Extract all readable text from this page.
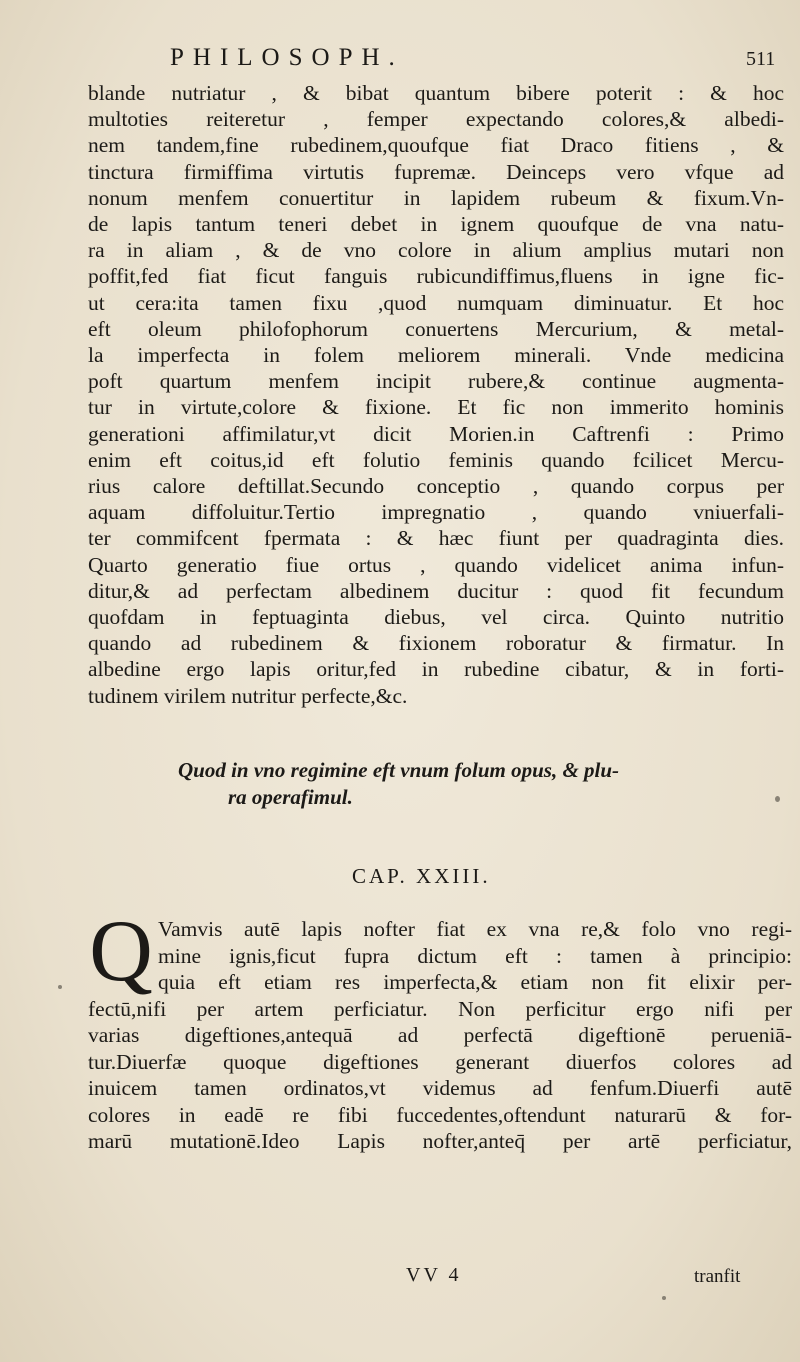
PHILOSOPH.	511
blande nutriatur , & bibat quantum bibere poterit : & hoc
multoties reiteretur , femper expectando colores,& albedi-
nem tandem,fine rubedinem,quoufque fiat Draco fitiens , &
tinctura firmiffima virtutis fupremæ. Deinceps vero vfque ad
nonum menfem conuertitur in lapidem rubeum & fixum.Vn-
de lapis tantum teneri debet in ignem quoufque de vna natu-
ra in aliam , & de vno colore in alium amplius mutari non
poffit,fed fiat ficut fanguis rubicundiffimus,fluens in igne fic-
ut cera:ita tamen fixu ,quod numquam diminuatur. Et hoc
eft oleum philofophorum conuertens Mercurium, & metal-
la imperfecta in folem meliorem minerali. Vnde medicina
poft quartum menfem incipit rubere,& continue augmenta-
tur in virtute,colore & fixione. Et fic non immerito hominis
generationi affimilatur,vt dicit Morien.in Caftrenfi : Primo
enim eft coitus,id eft folutio feminis quando fcilicet Mercu-
rius calore deftillat.Secundo conceptio , quando corpus per
aquam diffoluitur.Tertio impregnatio , quando vniuerfali-
ter commifcent fpermata : & hæc fiunt per quadraginta dies.
Quarto generatio fiue ortus , quando videlicet anima infun-
ditur,& ad perfectam albedinem ducitur : quod fit fecundum
quofdam in feptuaginta diebus, vel circa. Quinto nutritio
quando ad rubedinem & fixionem roboratur & firmatur. In
albedine ergo lapis oritur,fed in rubedine cibatur, & in forti-
tudinem virilem nutritur perfecte,&c.
Quod in vno regimine eft vnum folum opus, & plu-
ra operafimul.
CAP. XXIII.
Q Vamvis autē lapis nofter fiat ex vna re,& folo vno regi-
mine ignis,ficut fupra dictum eft : tamen à principio:
quia eft etiam res imperfecta,& etiam non fit elixir per-
fectū,nifi per artem perficiatur. Non perficitur ergo nifi per
varias digeftiones,antequā ad perfectā digeftionē perueniā-
tur.Diuerfæ quoque digeftiones generant diuerfos colores ad
inuicem tamen ordinatos,vt videmus ad fenfum.Diuerfi autē
colores in eadē re fibi fuccedentes,oftendunt naturarū & for-
marū mutationē.Ideo Lapis nofter,anteq̄ per artē perficiatur,
VV 4	tranfit
